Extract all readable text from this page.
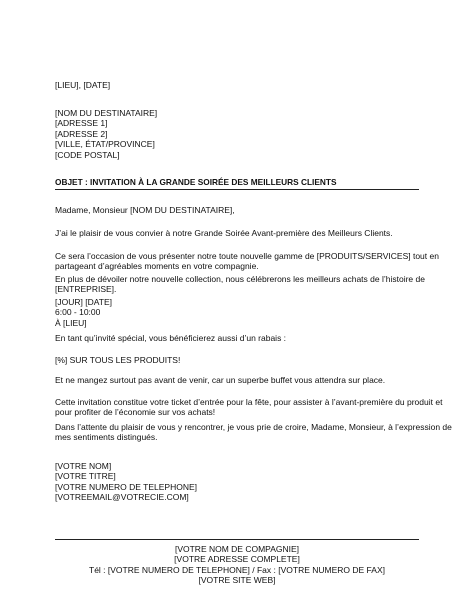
[LIEU], [DATE]
[NOM DU DESTINATAIRE]
[ADRESSE 1]
[ADRESSE 2]
[VILLE, ÉTAT/PROVINCE]
[CODE POSTAL]
OBJET : INVITATION À LA GRANDE SOIRÉE DES MEILLEURS CLIENTS
Madame, Monsieur [NOM DU DESTINATAIRE],
J’ai le plaisir de vous convier à notre Grande Soirée Avant-première des Meilleurs Clients.
Ce sera l’occasion de vous présenter notre toute nouvelle gamme de [PRODUITS/SERVICES] tout en
partageant d’agréables moments en votre compagnie.
En plus de dévoiler notre nouvelle collection, nous célébrerons les meilleurs achats de l’histoire de
[ENTREPRISE].
[JOUR] [DATE]
6:00 - 10:00
À [LIEU]
En tant qu’invité spécial, vous bénéficierez aussi d’un rabais :
[%] SUR TOUS LES PRODUITS!
Et ne mangez surtout pas avant de venir, car un superbe buffet vous attendra sur place.
Cette invitation constitue votre ticket d’entrée pour la fête, pour assister à l’avant-première du produit et
pour profiter de l’économie sur vos achats!
Dans l’attente du plaisir de vous y rencontrer, je vous prie de croire, Madame, Monsieur, à l’expression de
mes sentiments distingués.
[VOTRE NOM]
[VOTRE TITRE]
[VOTRE NUMERO DE TELEPHONE]
[VOTREEMAIL@VOTRECIE.COM]
[VOTRE NOM DE COMPAGNIE]
[VOTRE ADRESSE COMPLETE]
Tél : [VOTRE NUMERO DE TELEPHONE] / Fax : [VOTRE NUMERO DE FAX]
[VOTRE SITE WEB]
